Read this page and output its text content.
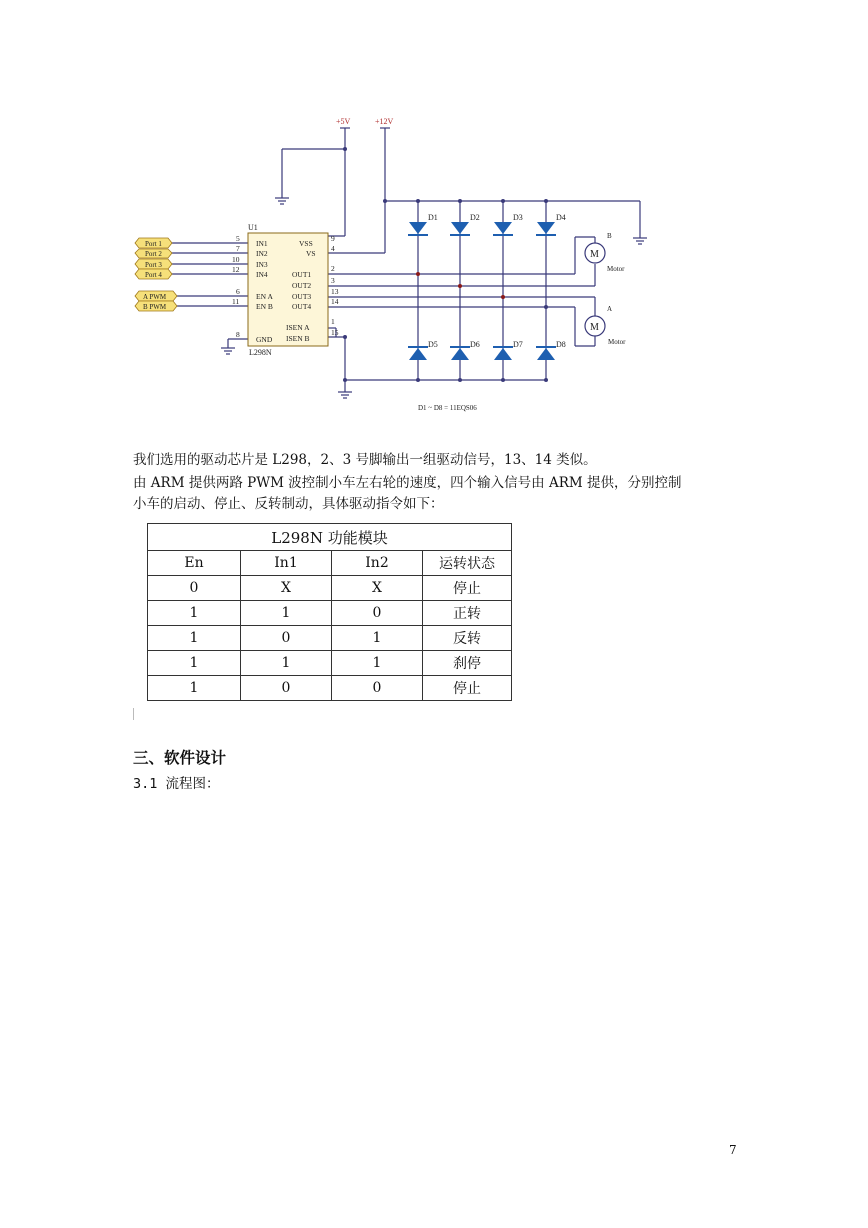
D1	D2	D3	D4
D5	D6	D7	D8
+5V	+12V
U1
L298N
IN1
IN2
IN3
IN4
EN A
EN B
GND
5
7
10
12
6
11
8
VSS
VS
OUT1
OUT2
OUT3
OUT4
ISEN A
ISEN B
9
4
2
3
13
14
1
15
Port 1
Port 2
Port 3
Port 4
A PWM
B PWM
M
M
B
A
Motor
Motor
D1 ~ D8 = 11EQS06
我们选用的驱动芯片是 L298，2、3 号脚输出一组驱动信号，13、14 类似。
由 ARM 提供两路 PWM 波控制小车左右轮的速度，四个输入信号由 ARM 提供，分别控制
小车的启动、停止、反转制动，具体驱动指令如下：
L298N 功能模块			
En	In1	In2	运转状态
0	X	X	停止
1	1	0	正转
1	0	1	反转
1	1	1	刹停
1	0	0	停止
三、软件设计
3.1 流程图：
7
